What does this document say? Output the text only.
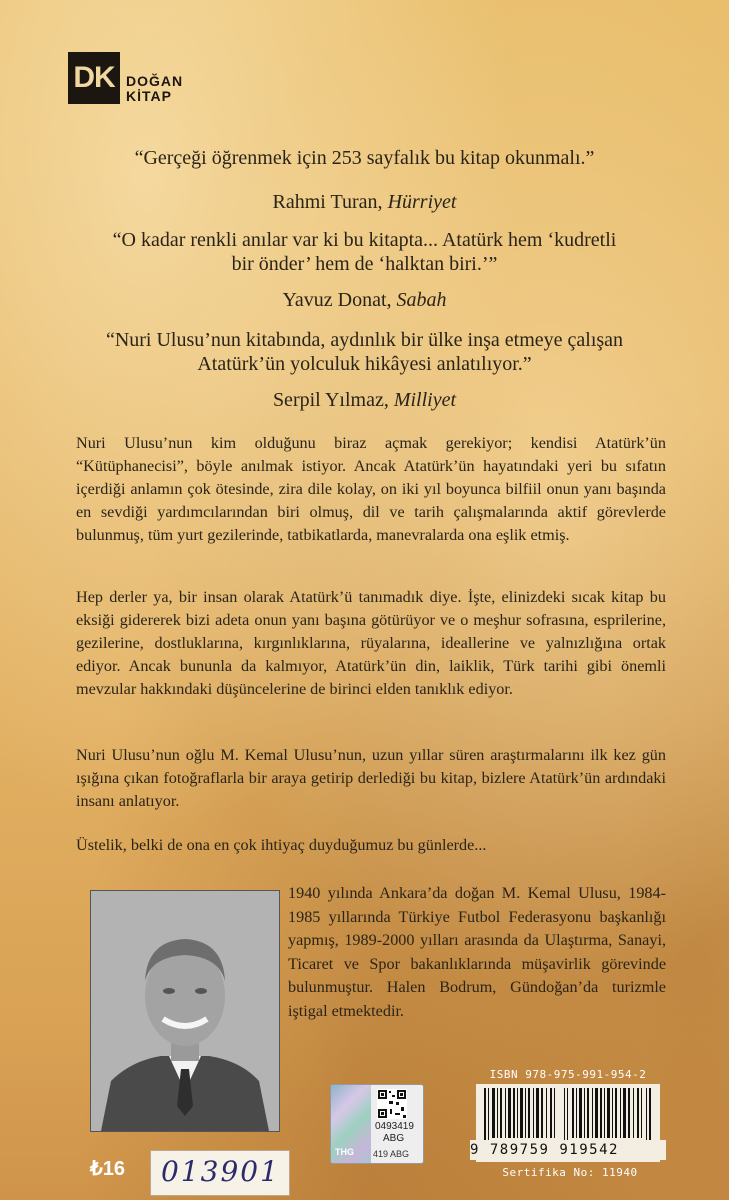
DK DOĞAN
KİTAP
“Gerçeği öğrenmek için 253 sayfalık bu kitap okunmalı.”
Rahmi Turan, Hürriyet
“O kadar renkli anılar var ki bu kitapta... Atatürk hem ‘kudretli
bir önder’ hem de ‘halktan biri.’”
Yavuz Donat, Sabah
“Nuri Ulusu’nun kitabında, aydınlık bir ülke inşa etmeye çalışan
Atatürk’ün yolculuk hikâyesi anlatılıyor.”
Serpil Yılmaz, Milliyet
Nuri Ulusu’nun kim olduğunu biraz açmak gerekiyor; kendisi Atatürk’ün “Kütüphanecisi”, böyle anılmak istiyor. Ancak Atatürk’ün hayatındaki yeri bu sıfatın içerdiği anlamın çok ötesinde, zira dile kolay, on iki yıl boyunca bilfiil onun yanı başında en sevdiği yardımcılarından biri olmuş, dil ve tarih çalışmalarında aktif görevlerde bulunmuş, tüm yurt gezilerinde, tatbikatlarda, manevralarda ona eşlik etmiş.
Hep derler ya, bir insan olarak Atatürk’ü tanımadık diye. İşte, elinizdeki sıcak kitap bu eksiği gidererek bizi adeta onun yanı başına götürüyor ve o meşhur sofrasına, esprilerine, gezilerine, dostluklarına, kırgınlıklarına, rüyalarına, ideallerine ve yalnızlığına ortak ediyor. Ancak bununla da kalmıyor, Atatürk’ün din, laiklik, Türk tarihi gibi önemli mevzular hakkındaki düşüncelerine de birinci elden tanıklık ediyor.
Nuri Ulusu’nun oğlu M. Kemal Ulusu’nun, uzun yıllar süren araştırmalarını ilk kez gün ışığına çıkan fotoğraflarla bir araya getirip derlediği bu kitap, bizlere Atatürk’ün ardındaki insanı anlatıyor.
Üstelik, belki de ona en çok ihtiyaç duyduğumuz bu günlerde...
1940 yılında Ankara’da doğan M. Kemal Ulusu, 1984-1985 yıllarında Türkiye Futbol Federasyonu başkanlığı yapmış, 1989-2000 yılları arasında da Ulaştırma, Sanayi, Ticaret ve Spor bakanlıklarında müşavirlik görevinde bulunmuştur. Halen Bodrum, Gündoğan’da turizmle iştigal etmektedir.
ISBN 978-975-991-954-2
9 789759 919542
Sertifika No: 11940
0493419
ABG
THG 419 ABG
₺16 013901
